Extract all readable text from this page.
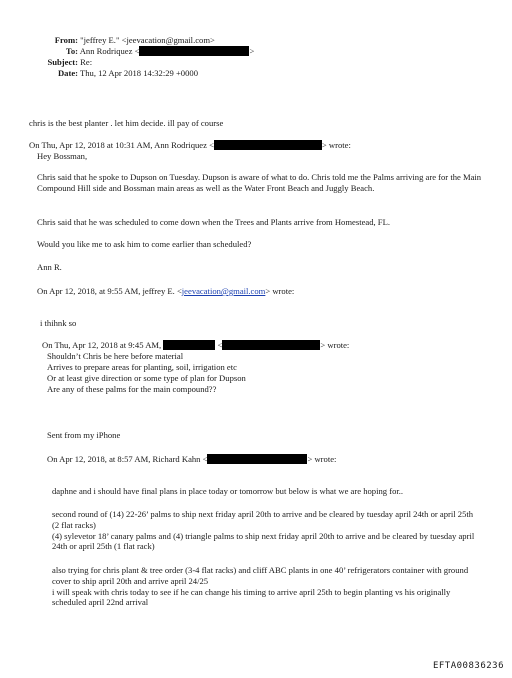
From: "jeffrey E." <jeevacation@gmail.com>
To: Ann Rodriquez <	>
Subject: Re:
Date: Thu, 12 Apr 2018 14:32:29 +0000
chris is the best planter . let him decide. ill pay of course
On Thu, Apr 12, 2018 at 10:31 AM, Ann Rodriquez <	> wrote:
Hey Bossman,
Chris said that he spoke to Dupson on Tuesday. Dupson is aware of what to do. Chris told me the Palms arriving are for the Main Compound Hill side and Bossman main areas as well as the Water Front Beach and Juggly Beach.
Chris said that he was scheduled to come down when the Trees and Plants arrive from Homestead, FL.
Would you like me to ask him to come earlier than scheduled?
Ann R.
On Apr 12, 2018, at 9:55 AM, jeffrey E. <jeevacation@gmail.com> wrote:
i thihnk so
On Thu, Apr 12, 2018 at 9:45 AM,	<	> wrote:
Shouldn’t Chris be here before material
Arrives to prepare areas for planting, soil, irrigation etc
Or at least give direction or some type of plan for Dupson
Are any of these palms for the main compound??
Sent from my iPhone
On Apr 12, 2018, at 8:57 AM, Richard Kahn <	> wrote:
daphne and i should have final plans in place today or tomorrow but below is what we are hoping for..
second round of (14) 22-26’ palms to ship next friday april 20th to arrive and be cleared by tuesday april 24th or april 25th (2 flat racks)
(4) sylevetor 18’ canary palms and (4) triangle palms to ship next friday april 20th to arrive and be cleared by tuesday april 24th or april 25th (1 flat rack)
also trying for chris plant & tree order (3-4 flat racks) and cliff ABC plants in one 40’ refrigerators container with ground cover to ship april 20th and arrive april 24/25
i will speak with chris today to see if he can change his timing to arrive april 25th to begin planting vs his originally scheduled april 22nd arrival
EFTA00836236
